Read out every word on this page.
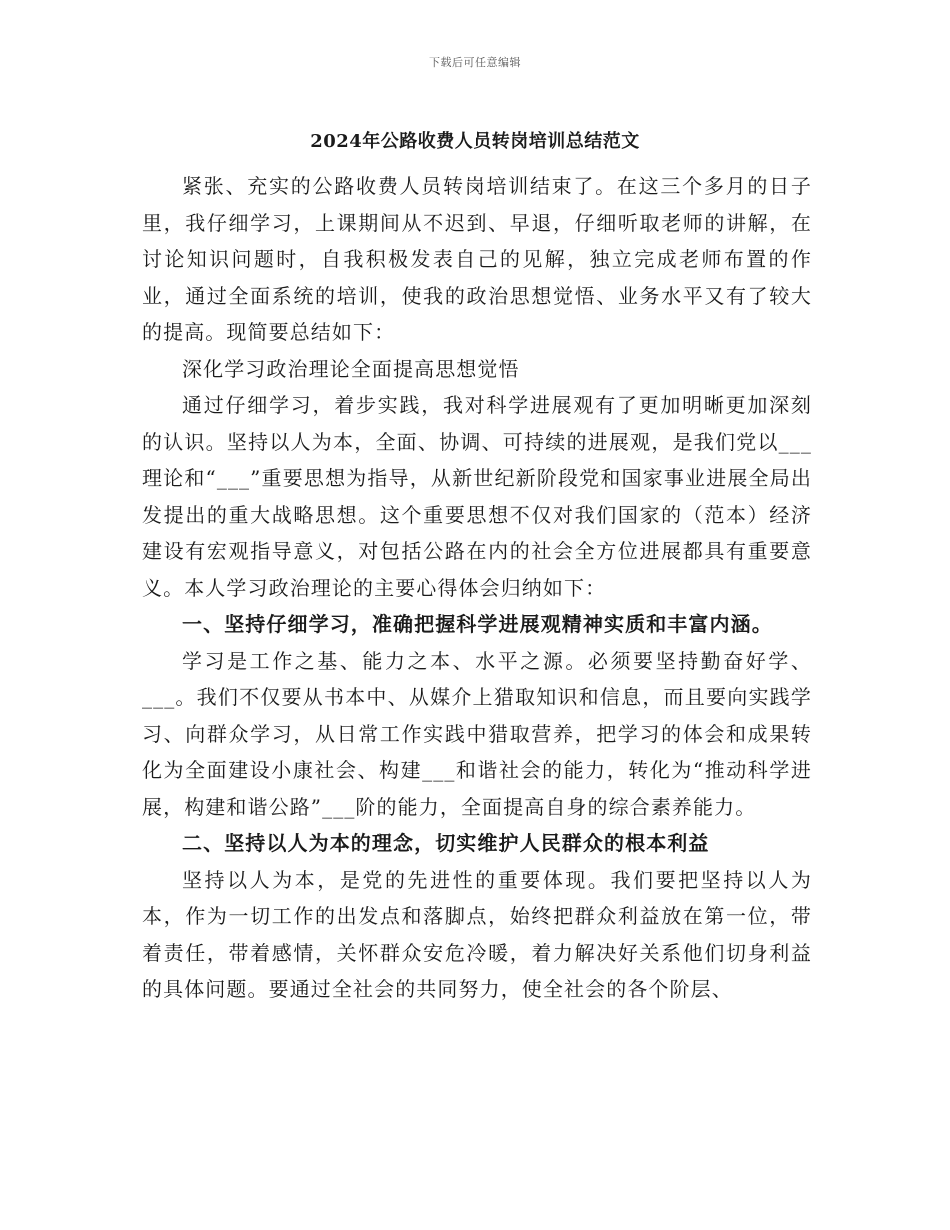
下载后可任意编辑
2024年公路收费人员转岗培训总结范文

紧张、充实的公路收费人员转岗培训结束了。在这三个多月的日子里，我仔细学习，上课期间从不迟到、早退，仔细听取老师的讲解，在讨论知识问题时，自我积极发表自己的见解，独立完成老师布置的作业，通过全面系统的培训，使我的政治思想觉悟、业务水平又有了较大的提高。现简要总结如下：

深化学习政治理论全面提高思想觉悟

通过仔细学习，着步实践，我对科学进展观有了更加明晰更加深刻的认识。坚持以人为本，全面、协调、可持续的进展观，是我们党以___理论和“___”重要思想为指导，从新世纪新阶段党和国家事业进展全局出发提出的重大战略思想。这个重要思想不仅对我们国家的（范本）经济建设有宏观指导意义，对包括公路在内的社会全方位进展都具有重要意义。本人学习政治理论的主要心得体会归纳如下：

一、坚持仔细学习，准确把握科学进展观精神实质和丰富内涵。

学习是工作之基、能力之本、水平之源。必须要坚持勤奋好学、___。我们不仅要从书本中、从媒介上猎取知识和信息，而且要向实践学习、向群众学习，从日常工作实践中猎取营养，把学习的体会和成果转化为全面建设小康社会、构建___和谐社会的能力，转化为“推动科学进展，构建和谐公路”___阶的能力，全面提高自身的综合素养能力。

二、坚持以人为本的理念，切实维护人民群众的根本利益

坚持以人为本，是党的先进性的重要体现。我们要把坚持以人为本，作为一切工作的出发点和落脚点，始终把群众利益放在第一位，带着责任，带着感情，关怀群众安危冷暖，着力解决好关系他们切身利益的具体问题。要通过全社会的共同努力，使全社会的各个阶层、
